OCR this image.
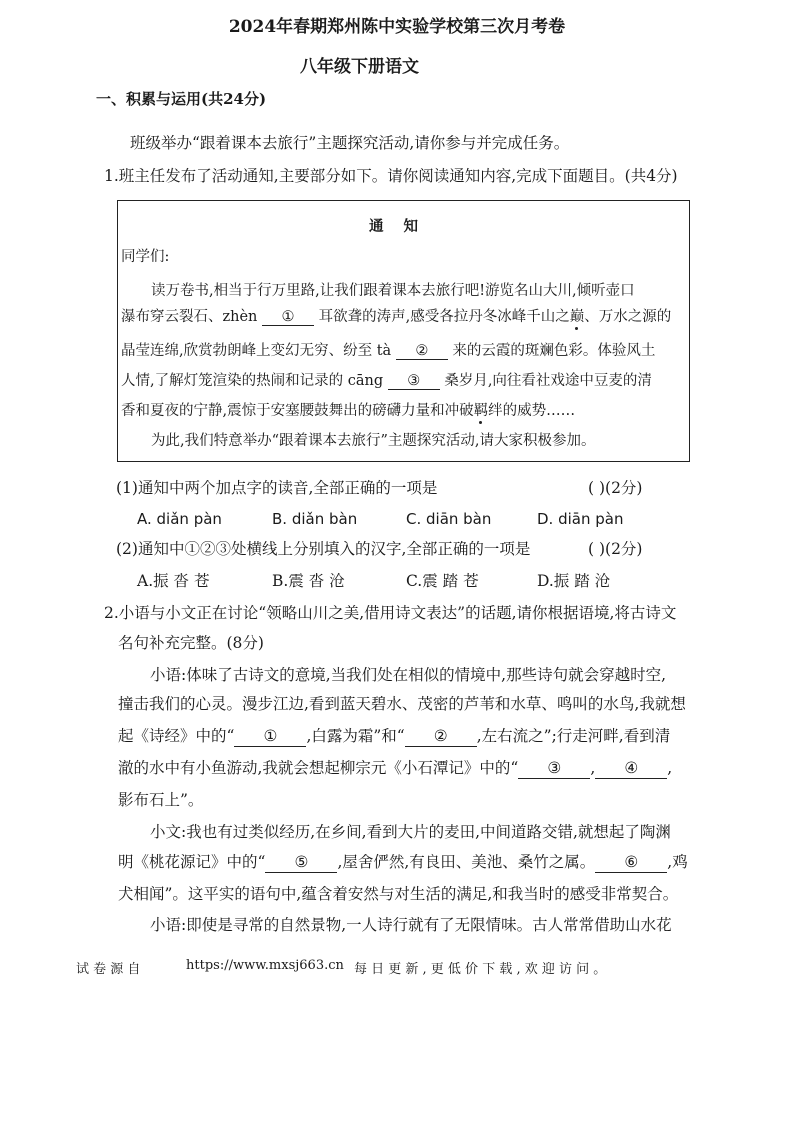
2024年春期郑州陈中实验学校第三次月考卷
八年级下册语文
一、积累与运用(共24分)
班级举办“跟着课本去旅行”主题探究活动,请你参与并完成任务。
1.班主任发布了活动通知,主要部分如下。请你阅读通知内容,完成下面题目。(共4分)
通知
同学们:
读万卷书,相当于行万里路,让我们跟着课本去旅行吧!游览名山大川,倾听壶口
瀑布穿云裂石、zhèn ① 耳欲聋的涛声,感受各拉丹冬冰峰千山之巅、万水之源的
晶莹连绵,欣赏勃朗峰上变幻无穷、纷至 tà ② 来的云霞的斑斓色彩。体验风土
人情,了解灯笼渲染的热闹和记录的 cāng ③ 桑岁月,向往看社戏途中豆麦的清
香和夏夜的宁静,震惊于安塞腰鼓舞出的磅礴力量和冲破羁绊的威势……
为此,我们特意举办“跟着课本去旅行”主题探究活动,请大家积极参加。
(1)通知中两个加点字的读音,全部正确的一项是	( )(2分)
A. diǎn pàn	B. diǎn bàn	C. diān bàn	D. diān pàn
(2)通知中①②③处横线上分别填入的汉字,全部正确的一项是	( )(2分)
A.振 沓 苍	B.震 沓 沧	C.震 踏 苍	D.振 踏 沧
2.小语与小文正在讨论“领略山川之美,借用诗文表达”的话题,请你根据语境,将古诗文
名句补充完整。(8分)
小语:体味了古诗文的意境,当我们处在相似的情境中,那些诗句就会穿越时空,
撞击我们的心灵。漫步江边,看到蓝天碧水、茂密的芦苇和水草、鸣叫的水鸟,我就想
起《诗经》中的“ ① ,白露为霜”和“ ② ,左右流之”;行走河畔,看到清
澈的水中有小鱼游动,我就会想起柳宗元《小石潭记》中的“ ③ , ④ ,
影布石上”。
小文:我也有过类似经历,在乡间,看到大片的麦田,中间道路交错,就想起了陶渊
明《桃花源记》中的“ ⑤ ,屋舍俨然,有良田、美池、桑竹之属。 ⑥ ,鸡
犬相闻”。这平实的语句中,蕴含着安然与对生活的满足,和我当时的感受非常契合。
小语:即使是寻常的自然景物,一人诗行就有了无限情味。古人常常借助山水花
试 卷 源 自	https://www.mxsj663.cn 每 日 更 新 , 更 低 价 下 载 , 欢 迎 访 问 。
